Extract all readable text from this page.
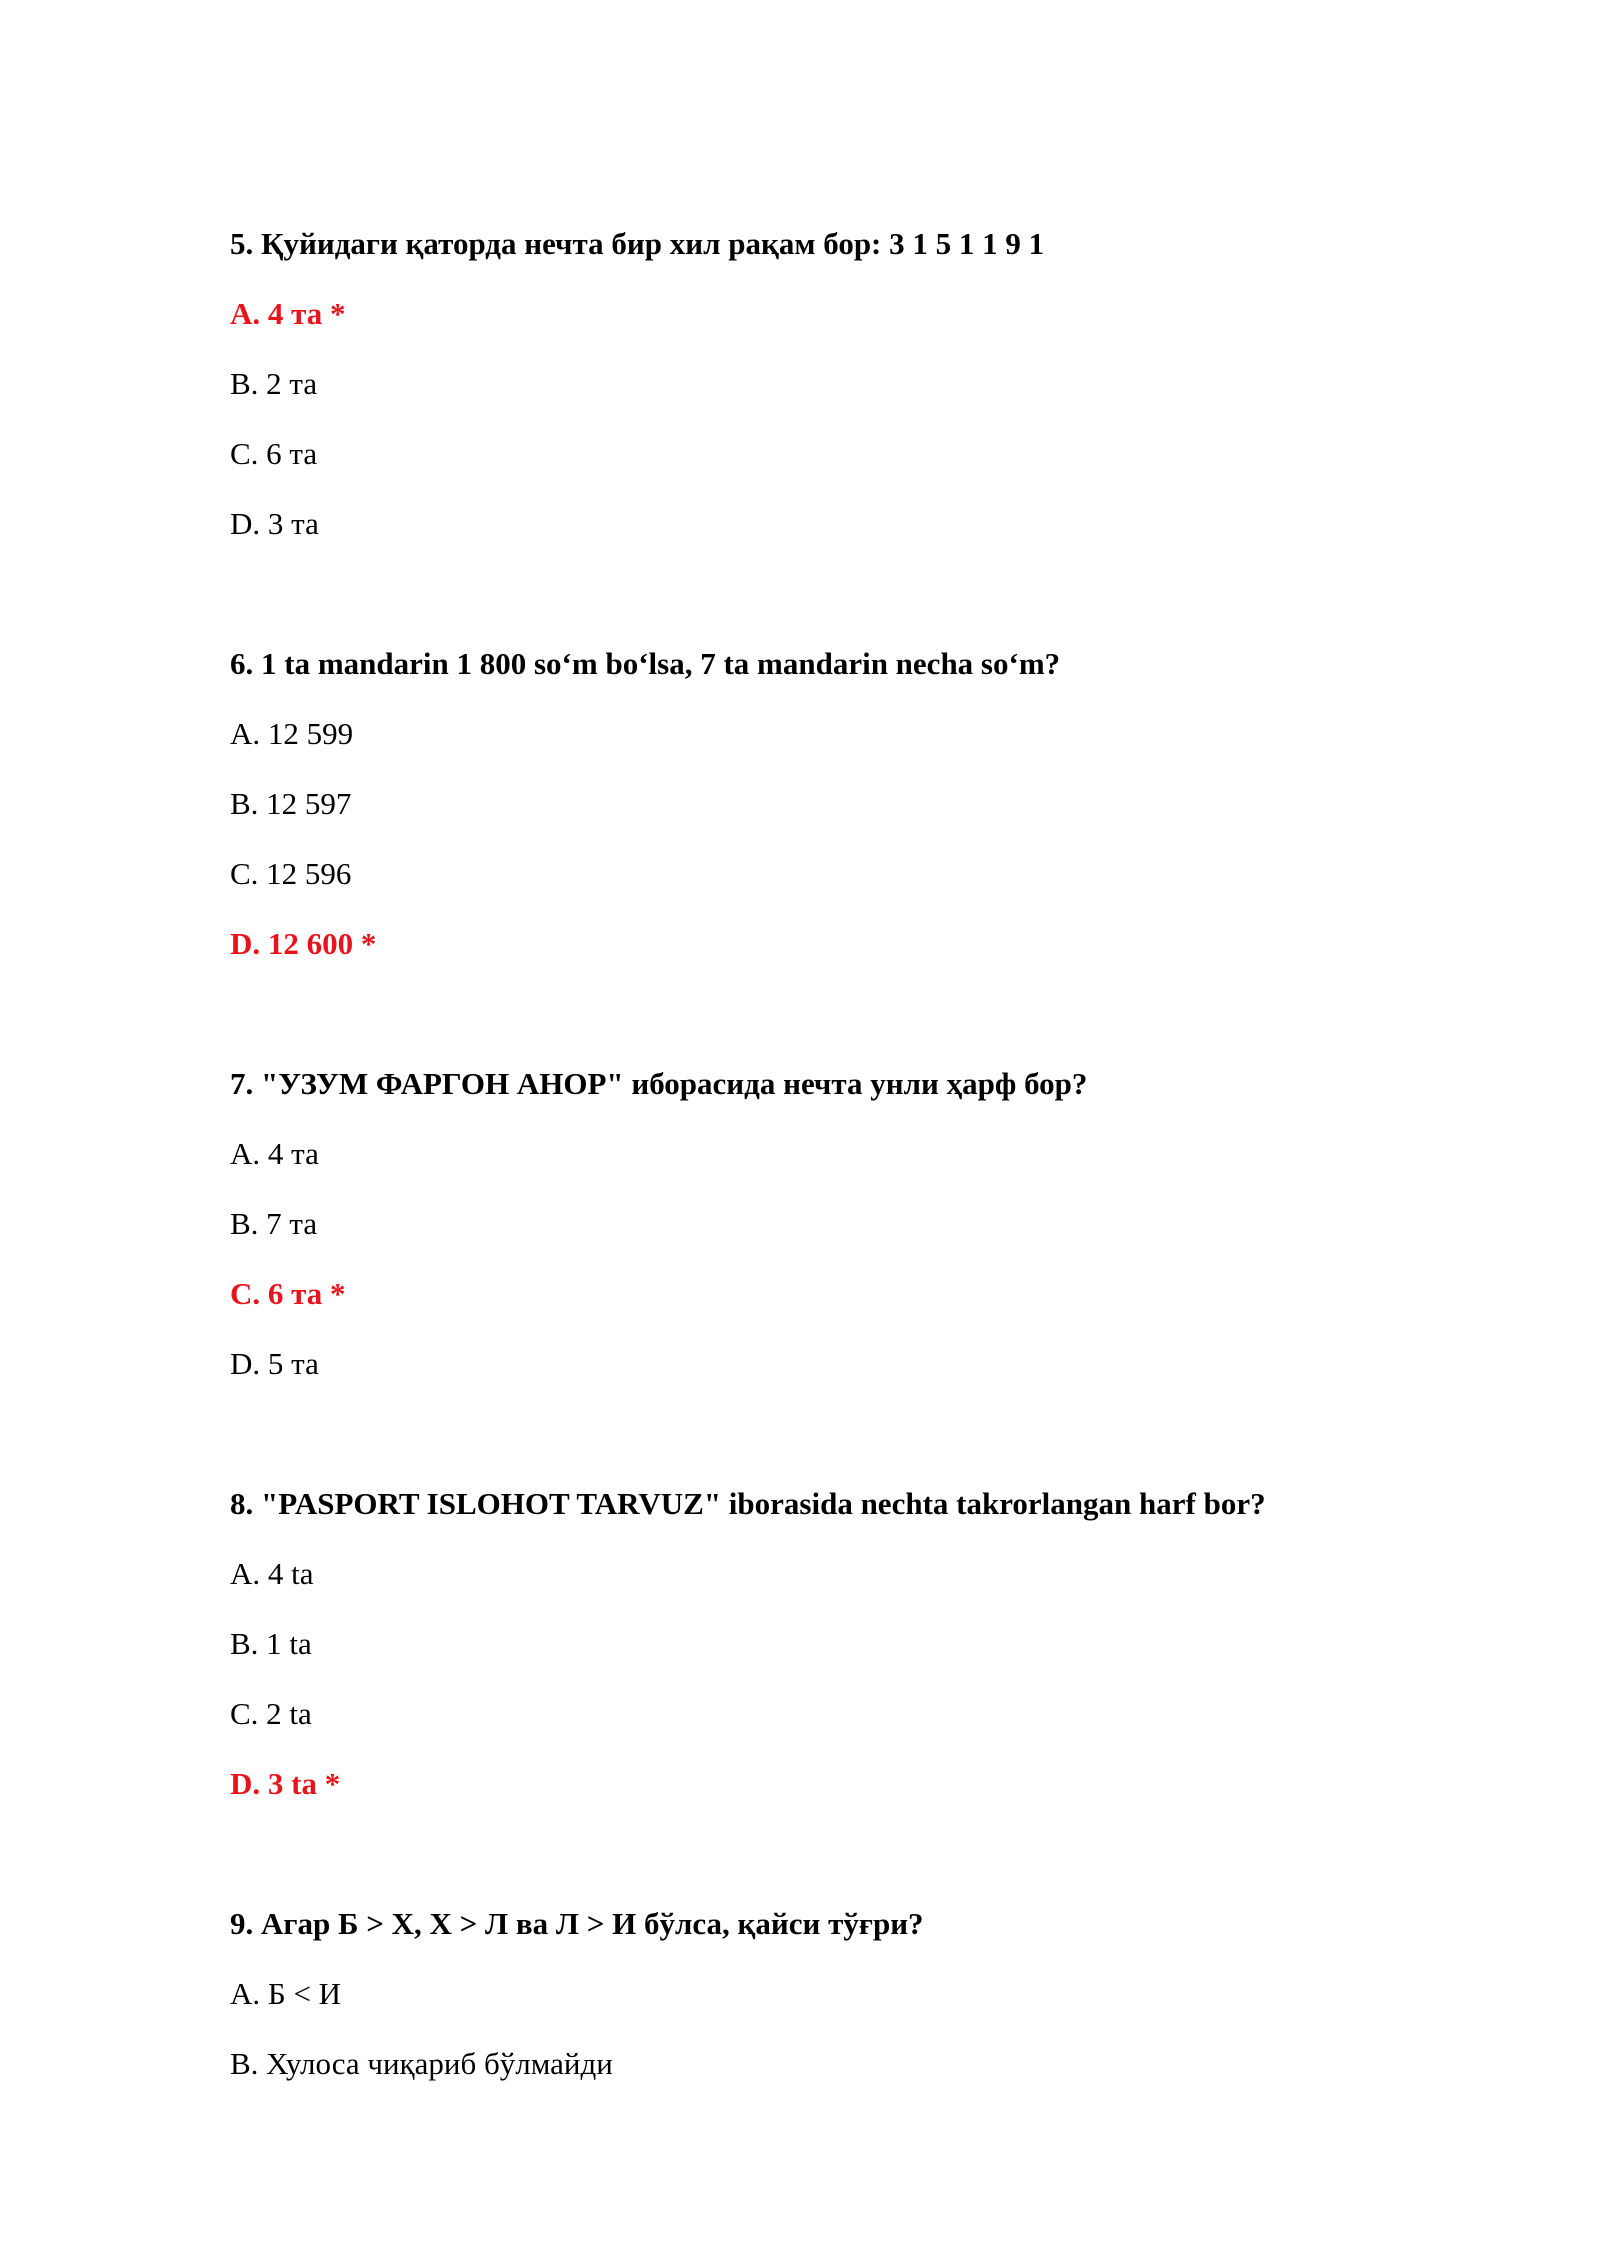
5. Қуйидаги қаторда нечта бир хил рақам бор: 3 1 5 1 1 9 1

A. 4 та *

B. 2 та

C. 6 та

D. 3 та

6. 1 ta mandarin 1 800 so‘m bo‘lsa, 7 ta mandarin necha so‘m?

A. 12 599

B. 12 597

C. 12 596

D. 12 600 *

7. "УЗУМ ФАРГОН АНОР" иборасида нечта унли ҳарф бор?

A. 4 та

B. 7 та

C. 6 та *

D. 5 та

8. "PASPORT ISLOHOT TARVUZ" iborasida nechta takrorlangan harf bor?

A. 4 ta

B. 1 ta

C. 2 ta

D. 3 ta *

9. Агар Б > Х, Х > Л ва Л > И бўлса, қайси тўғри?

A. Б < И

B. Хулоса чиқариб бўлмайди
